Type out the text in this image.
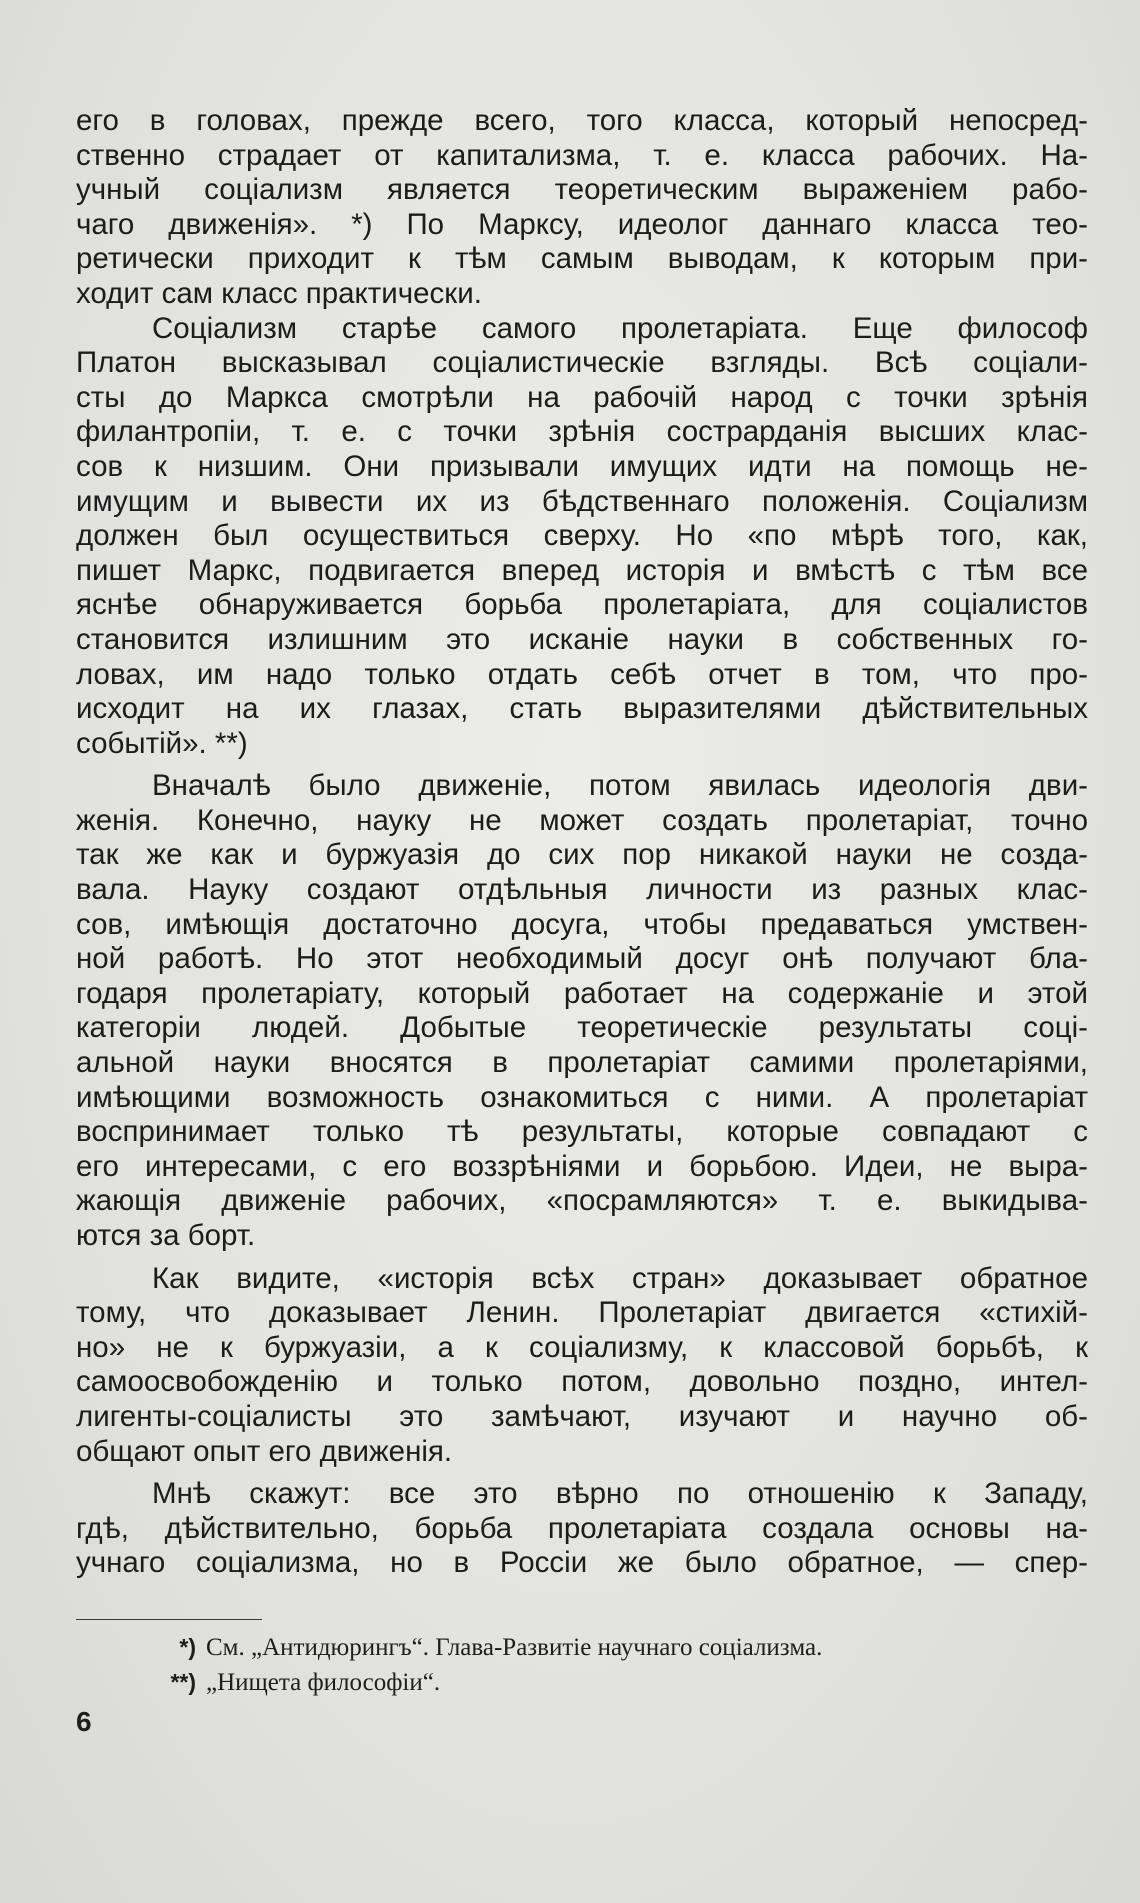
его в головах, прежде всего, того класса, который непосред-
ственно страдает от капитализма, т. е. класса рабочих. На-
учный соціализм является теоретическим выраженіем рабо-
чаго движенія». *) По Марксу, идеолог даннаго класса тео-
ретически приходит к тѣм самым выводам, к которым при-
ходит сам класс практически.

Соціализм старѣе самого пролетаріата. Еще философ
Платон высказывал соціалистическіе взгляды. Всѣ соціали-
сты до Маркса смотрѣли на рабочій народ с точки зрѣнія
филантропіи, т. е. с точки зрѣнія сострарданія высших клас-
сов к низшим. Они призывали имущих идти на помощь не-
имущим и вывести их из бѣдственнаго положенія. Соціализм
должен был осуществиться сверху. Но «по мѣрѣ того, как,
пишет Маркс, подвигается вперед исторія и вмѣстѣ с тѣм все
яснѣе обнаруживается борьба пролетаріата, для соціалистов
становится излишним это исканіе науки в собственных го-
ловах, им надо только отдать себѣ отчет в том, что про-
исходит на их глазах, стать выразителями дѣйствительных
событій». **)

Вначалѣ было движеніе, потом явилась идеологія дви-
женія. Конечно, науку не может создать пролетаріат, точно
так же как и буржуазія до сих пор никакой науки не созда-
вала. Науку создают отдѣльныя личности из разных клас-
сов, имѣющія достаточно досуга, чтобы предаваться умствен-
ной работѣ. Но этот необходимый досуг онѣ получают бла-
годаря пролетаріату, который работает на содержаніе и этой
категоріи людей. Добытые теоретическіе результаты соці-
альной науки вносятся в пролетаріат самими пролетаріями,
имѣющими возможность ознакомиться с ними. А пролетаріат
воспринимает только тѣ результаты, которые совпадают с
его интересами, с его воззрѣніями и борьбою. Идеи, не выра-
жающія движеніе рабочих, «посрамляются» т. е. выкидыва-
ются за борт.

Как видите, «исторія всѣх стран» доказывает обратное
тому, что доказывает Ленин. Пролетаріат двигается «стихій-
но» не к буржуазіи, а к соціализму, к классовой борьбѣ, к
самоосвобожденію и только потом, довольно поздно, интел-
лигенты-соціалисты это замѣчают, изучают и научно об-
общают опыт его движенія.

Мнѣ скажут: все это вѣрно по отношенію к Западу,
гдѣ, дѣйствительно, борьба пролетаріата создала основы на-
учнаго соціализма, но в Россіи же было обратное, — спер-

*) См. „Антидюрингъ“. Глава-Развитіе научнаго соціализма.
**) „Нищета философіи“.
6
